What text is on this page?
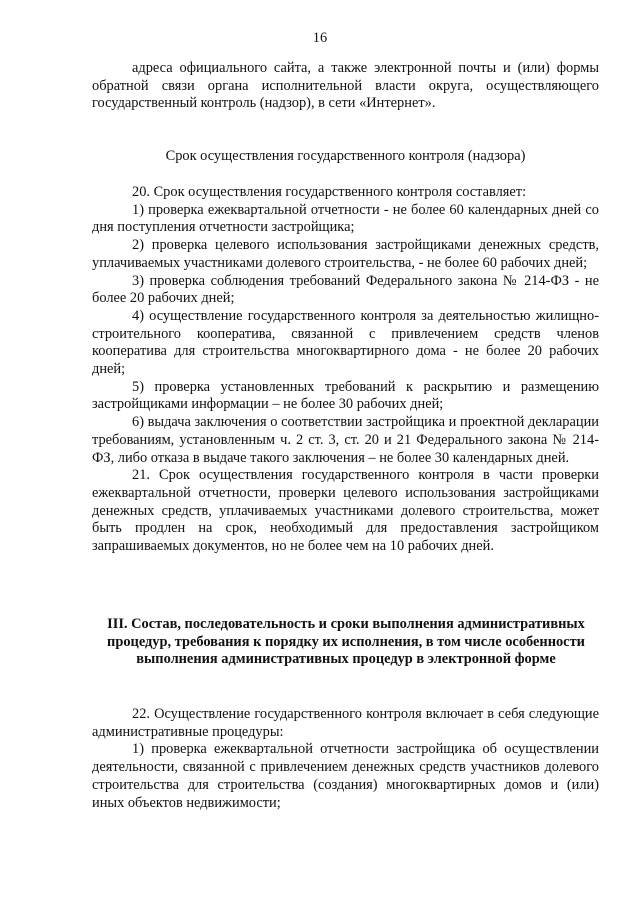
16

адреса официального сайта, а также электронной почты и (или) формы обратной связи органа исполнительной власти округа, осуществляющего государственный контроль (надзор), в сети «Интернет».

Срок осуществления государственного контроля (надзора)

20. Срок осуществления государственного контроля составляет:

1) проверка ежеквартальной отчетности - не более 60 календарных дней со дня поступления отчетности застройщика;

2) проверка целевого использования застройщиками денежных средств, уплачиваемых участниками долевого строительства, - не более 60 рабочих дней;

3) проверка соблюдения требований Федерального закона № 214-ФЗ - не более 20 рабочих дней;

4) осуществление государственного контроля за деятельностью жилищно-строительного кооператива, связанной с привлечением средств членов кооператива для строительства многоквартирного дома - не более 20 рабочих дней;

5) проверка установленных требований к раскрытию и размещению застройщиками информации – не более 30 рабочих дней;

6) выдача заключения о соответствии застройщика и проектной декларации требованиям, установленным ч. 2 ст. 3, ст. 20 и 21 Федерального закона № 214-ФЗ, либо отказа в выдаче такого заключения – не более 30 календарных дней.

21. Срок осуществления государственного контроля в части проверки ежеквартальной отчетности, проверки целевого использования застройщиками денежных средств, уплачиваемых участниками долевого строительства, может быть продлен на срок, необходимый для предоставления застройщиком запрашиваемых документов, но не более чем на 10 рабочих дней.

III. Состав, последовательность и сроки выполнения административных процедур, требования к порядку их исполнения, в том числе особенности выполнения административных процедур в электронной форме

22. Осуществление государственного контроля включает в себя следующие административные процедуры:

1) проверка ежеквартальной отчетности застройщика об осуществлении деятельности, связанной с привлечением денежных средств участников долевого строительства для строительства (создания) многоквартирных домов и (или) иных объектов недвижимости;
